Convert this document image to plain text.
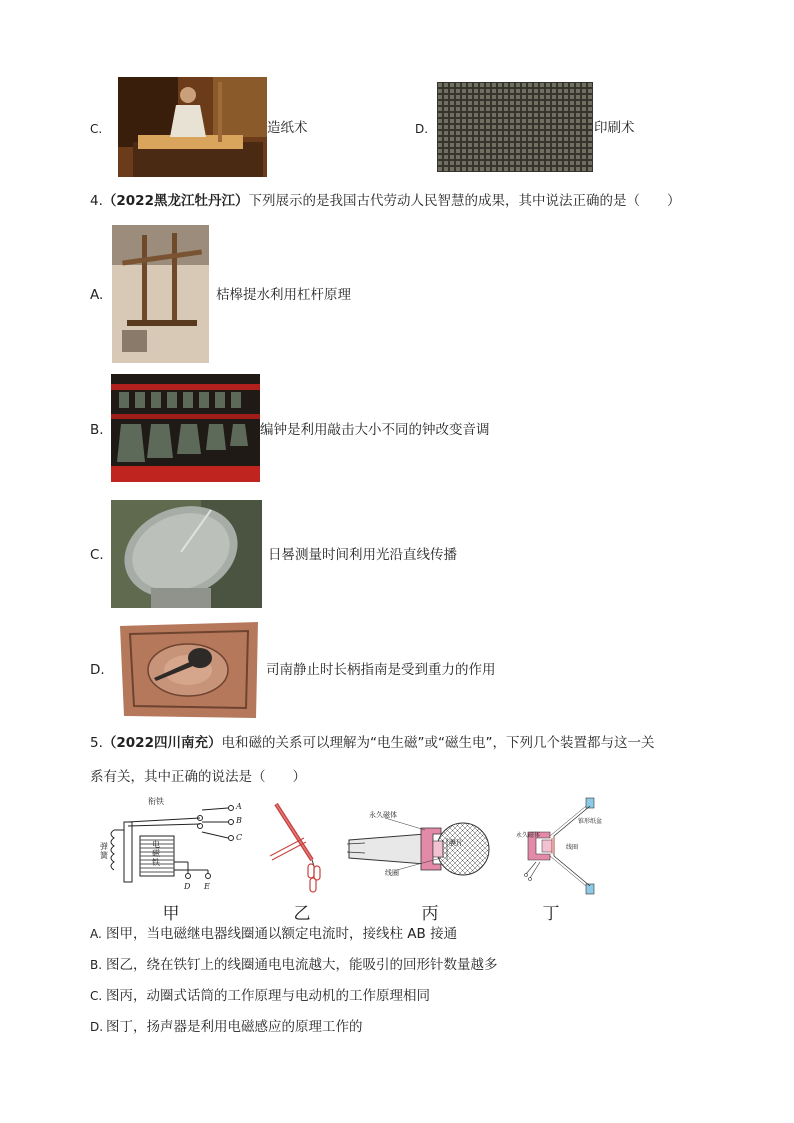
C.	造纸术	D.	印刷术
4.（2022黑龙江牡丹江）下列展示的是我国古代劳动人民智慧的成果，其中说法正确的是（　　）
A.	桔槔提水利用杠杆原理
B.	编钟是利用敲击大小不同的钟改变音调
C.	日晷测量时间利用光沿直线传播
D.	司南静止时长柄指南是受到重力的作用
5.（2022四川南充）电和磁的关系可以理解为“电生磁”或“磁生电”，下列几个装置都与这一关
系有关，其中正确的说法是（　　）
衔铁
弹簧
电磁铁
A
B
C
D E
甲	乙
永久磁体
膜片
线圈
丙
锥形纸盆
永久磁体
线圈
丁
A. 图甲，当电磁继电器线圈通以额定电流时，接线柱 AB 接通
B. 图乙，绕在铁钉上的线圈通电电流越大，能吸引的回形针数量越多
C. 图丙，动圈式话筒的工作原理与电动机的工作原理相同
D. 图丁，扬声器是利用电磁感应的原理工作的
